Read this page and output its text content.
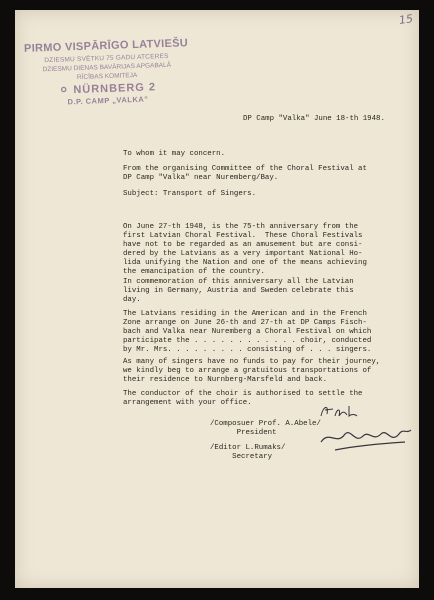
15
PIRMO VISPĀRĪGO LATVIEŠU
DZIESMU SVĒTKU 75 GADU ATCERES
DZIESMU DIENAS BAVĀRIJAS APGABALĀ
RĪCĪBAS KOMITEJA
⚪︎ NÜRNBERG 2
D.P. CAMP „VALKA”
DP Camp "Valka" June 18-th 1948.
To whom it may concern.
From the organising Committee of the Choral Festival at
DP Camp "Valka" near Nuremberg/Bay.
Subject: Transport of Singers.
On June 27-th 1948, is the 75-th anniversary from the
first Latvian Choral Festival.  These Choral Festivals
have not to be regarded as an amusement but are consi-
dered by the Latvians as a very important National Ho-
lida unifying the Nation and one of the means achieving
the emancipation of the country.
In commemoration of this anniversary all the Latvian
living in Germany, Austria and Sweden celebrate this
day.
The Latvians residing in the American and in the French
Zone arrange on June 26-th and 27-th at DP Camps Fisch-
bach and Valka near Nuremberg a Choral Festival on which
participate the . . . . . . . . . . . . choir, conducted
by Mr. Mrs. . . . . . . . . consisting of . . . singers.
As many of singers have no funds to pay for their journey,
we kindly beg to arrange a gratuitous transportations of
their residence to Nurnberg-Marsfeld and back.
The conductor of the choir is authorised to settle the
arrangement with your office.
/Composuer Prof. A.Abele/
President
/Editor L.Rumaks/
Secretary
